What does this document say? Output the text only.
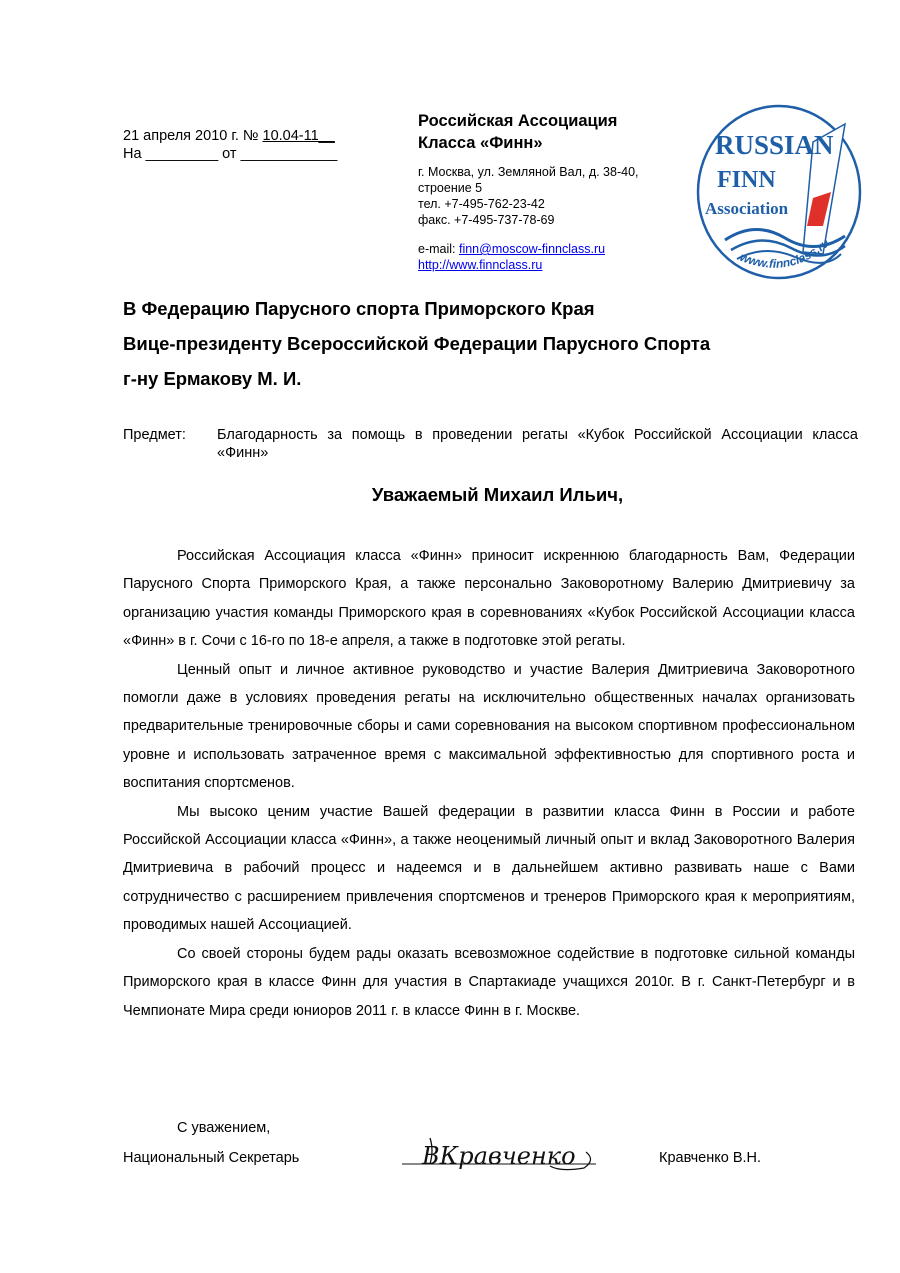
21 апреля 2010 г. № 10.04-11__
На _________ от ____________
Российская Ассоциация
Класса «Финн»
г. Москва, ул. Земляной Вал, д. 38-40,
строение 5
тел. +7-495-762-23-42
факс. +7-495-737-78-69
e-mail: finn@moscow-finnclass.ru
http://www.finnclass.ru
RUSSIAN
FINN
Association
www.finnclass.ru
В Федерацию Парусного спорта Приморского Края
Вице-президенту Всероссийской Федерации Парусного Спорта
г-ну Ермакову М. И.
Предмет: Благодарность за помощь в проведении регаты «Кубок Российской Ассоциации класса «Финн»
Уважаемый Михаил Ильич,

Российская Ассоциация класса «Финн» приносит искреннюю благодарность Вам, Федерации Парусного Спорта Приморского Края, а также персонально Заковоротному Валерию Дмитриевичу за организацию участия команды Приморского края в соревнованиях «Кубок Российской Ассоциации класса «Финн» в г. Сочи с 16-го по 18-е апреля, а также в подготовке этой регаты.

Ценный опыт и личное активное руководство и участие Валерия Дмитриевича Заковоротного помогли даже в условиях проведения регаты на исключительно общественных началах организовать предварительные тренировочные сборы и сами соревнования на высоком спортивном профессиональном уровне и использовать затраченное время с максимальной эффективностью для спортивного роста и воспитания спортсменов.

Мы высоко ценим участие Вашей федерации в развитии класса Финн в России и работе Российской Ассоциации класса «Финн», а также неоценимый личный опыт и вклад Заковоротного Валерия Дмитриевича в рабочий процесс и надеемся и в дальнейшем активно развивать наше с Вами сотрудничество с расширением привлечения спортсменов и тренеров Приморского края к мероприятиям, проводимых нашей Ассоциацией.

Со своей стороны будем рады оказать всевозможное содействие в подготовке сильной команды Приморского края в классе Финн для участия в Спартакиаде учащихся 2010г. В г. Санкт-Петербург и в Чемпионате Мира среди юниоров 2011 г. в классе Финн в г. Москве.

С уважением,
Национальный Секретарь	ВКравченко	Кравченко В.Н.
